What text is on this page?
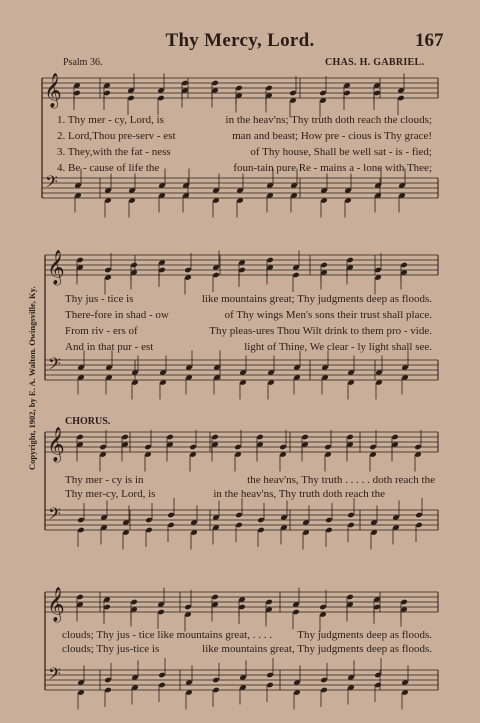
Thy Mercy, Lord.	167
Psalm 36.	CHAS. H. GABRIEL.
Copyright, 1902, by E. A. Walton. Owingsville, Ky.	CHORUS.
𝄞
𝄢
𝄞
𝄢
𝄞
𝄢
𝄞
𝄢
1. Thy mer - cy, Lord, is	in the heav'ns; Thy truth doth reach the clouds;
2. Lord,Thou pre-serv - est	man and beast; How pre - cious is Thy grace!
3. They,with the fat - ness	of Thy house, Shall be well sat - is - fied;
4. Be - cause of life the	foun-tain pure Re - mains a - lone with Thee;
Thy jus - tice is	like mountains great; Thy judgments deep as floods.
There-fore in shad - ow	of Thy wings Men's sons their trust shall place.
From riv - ers of	Thy pleas-ures Thou Wilt drink to them pro - vide.
And in that pur - est	light of Thine, We clear - ly light shall see.
Thy mer - cy is in	the heav'ns, Thy truth . . . . . doth reach the
Thy mer-cy, Lord, is	in the heav'ns, Thy truth doth reach the
clouds; Thy jus - tice like mountains great, . . . . Thy judgments deep as floods.
clouds; Thy jus-tice is	like mountains great, Thy judgments deep as floods.
